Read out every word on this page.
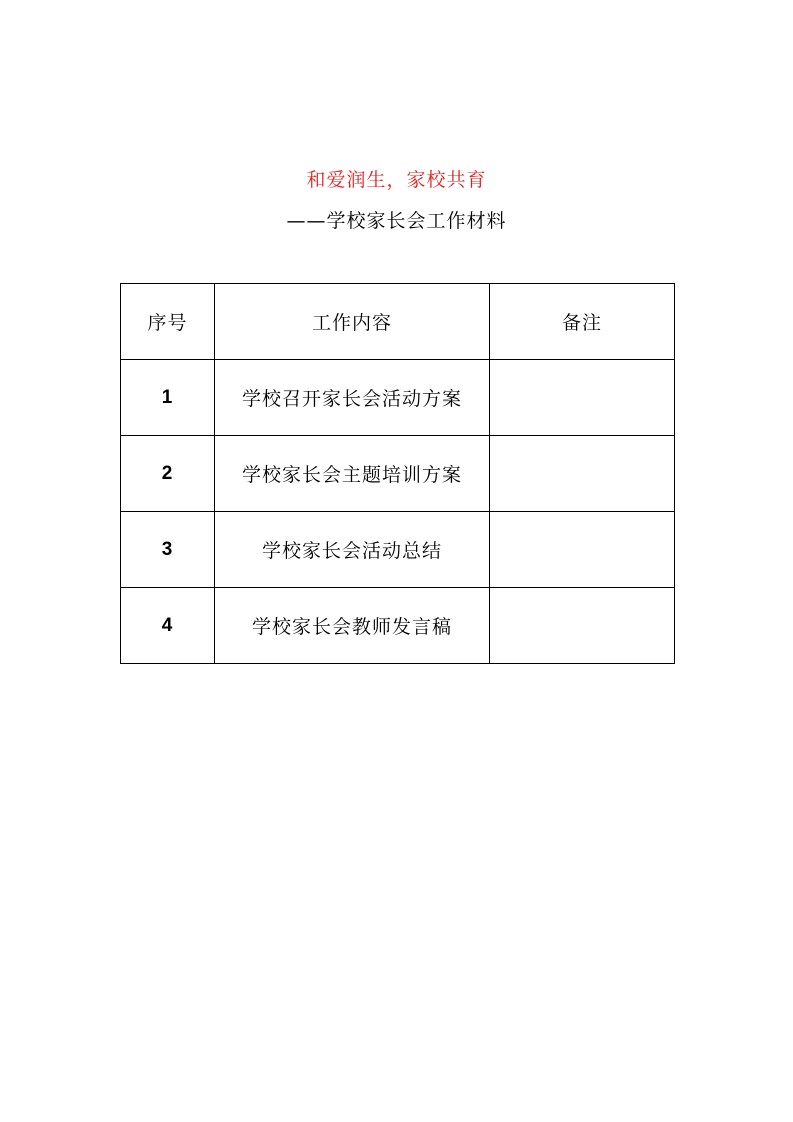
和爱润生，家校共育
——学校家长会工作材料
序号	工作内容	备注
1	学校召开家长会活动方案	
2	学校家长会主题培训方案	
3	学校家长会活动总结	
4	学校家长会教师发言稿	
